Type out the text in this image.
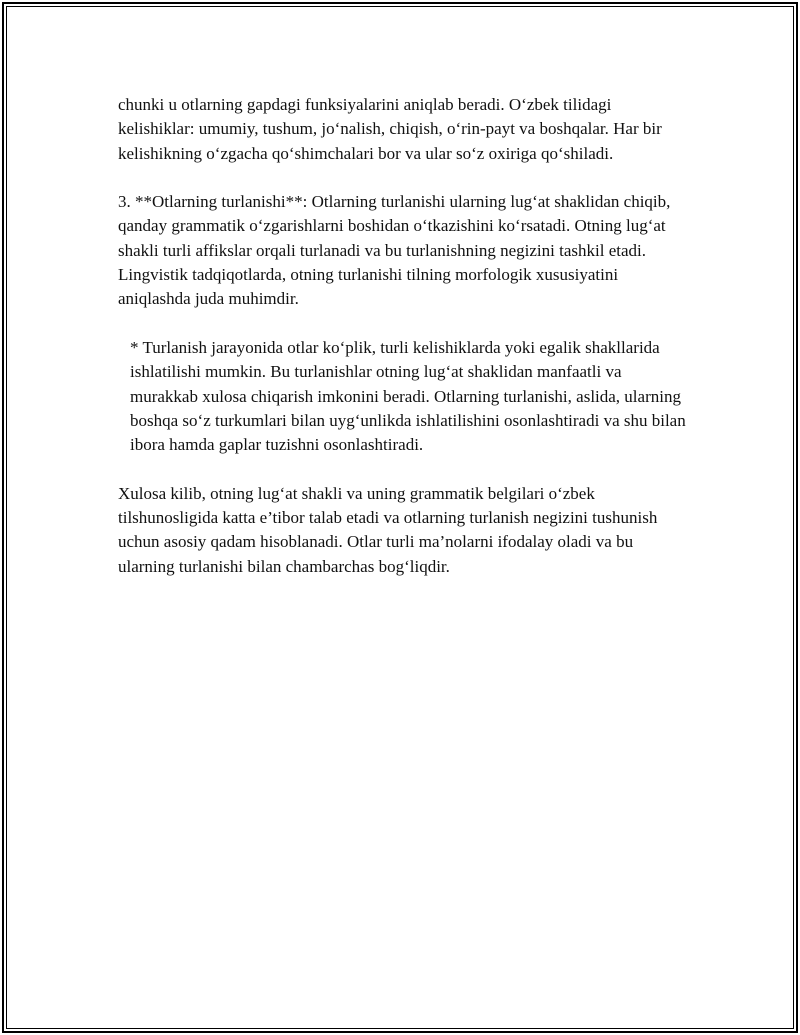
chunki u otlarning gapdagi funksiyalarini aniqlab beradi. O‘zbek tilidagi kelishiklar: umumiy, tushum, jo‘nalish, chiqish, o‘rin-payt va boshqalar. Har bir kelishikning o‘zgacha qo‘shimchalari bor va ular so‘z oxiriga qo‘shiladi.

3. **Otlarning turlanishi**: Otlarning turlanishi ularning lug‘at shaklidan chiqib, qanday grammatik o‘zgarishlarni boshidan o‘tkazishini ko‘rsatadi. Otning lug‘at shakli turli affikslar orqali turlanadi va bu turlanishning negizini tashkil etadi. Lingvistik tadqiqotlarda, otning turlanishi tilning morfologik xususiyatini aniqlashda juda muhimdir.

* Turlanish jarayonida otlar ko‘plik, turli kelishiklarda yoki egalik shakllarida ishlatilishi mumkin. Bu turlanishlar otning lug‘at shaklidan manfaatli va murakkab xulosa chiqarish imkonini beradi. Otlarning turlanishi, aslida, ularning boshqa so‘z turkumlari bilan uyg‘unlikda ishlatilishini osonlashtiradi va shu bilan ibora hamda gaplar tuzishni osonlashtiradi.

Xulosa kilib, otning lug‘at shakli va uning grammatik belgilari o‘zbek tilshunosligida katta e’tibor talab etadi va otlarning turlanish negizini tushunish uchun asosiy qadam hisoblanadi. Otlar turli ma’nolarni ifodalay oladi va bu ularning turlanishi bilan chambarchas bog‘liqdir.
